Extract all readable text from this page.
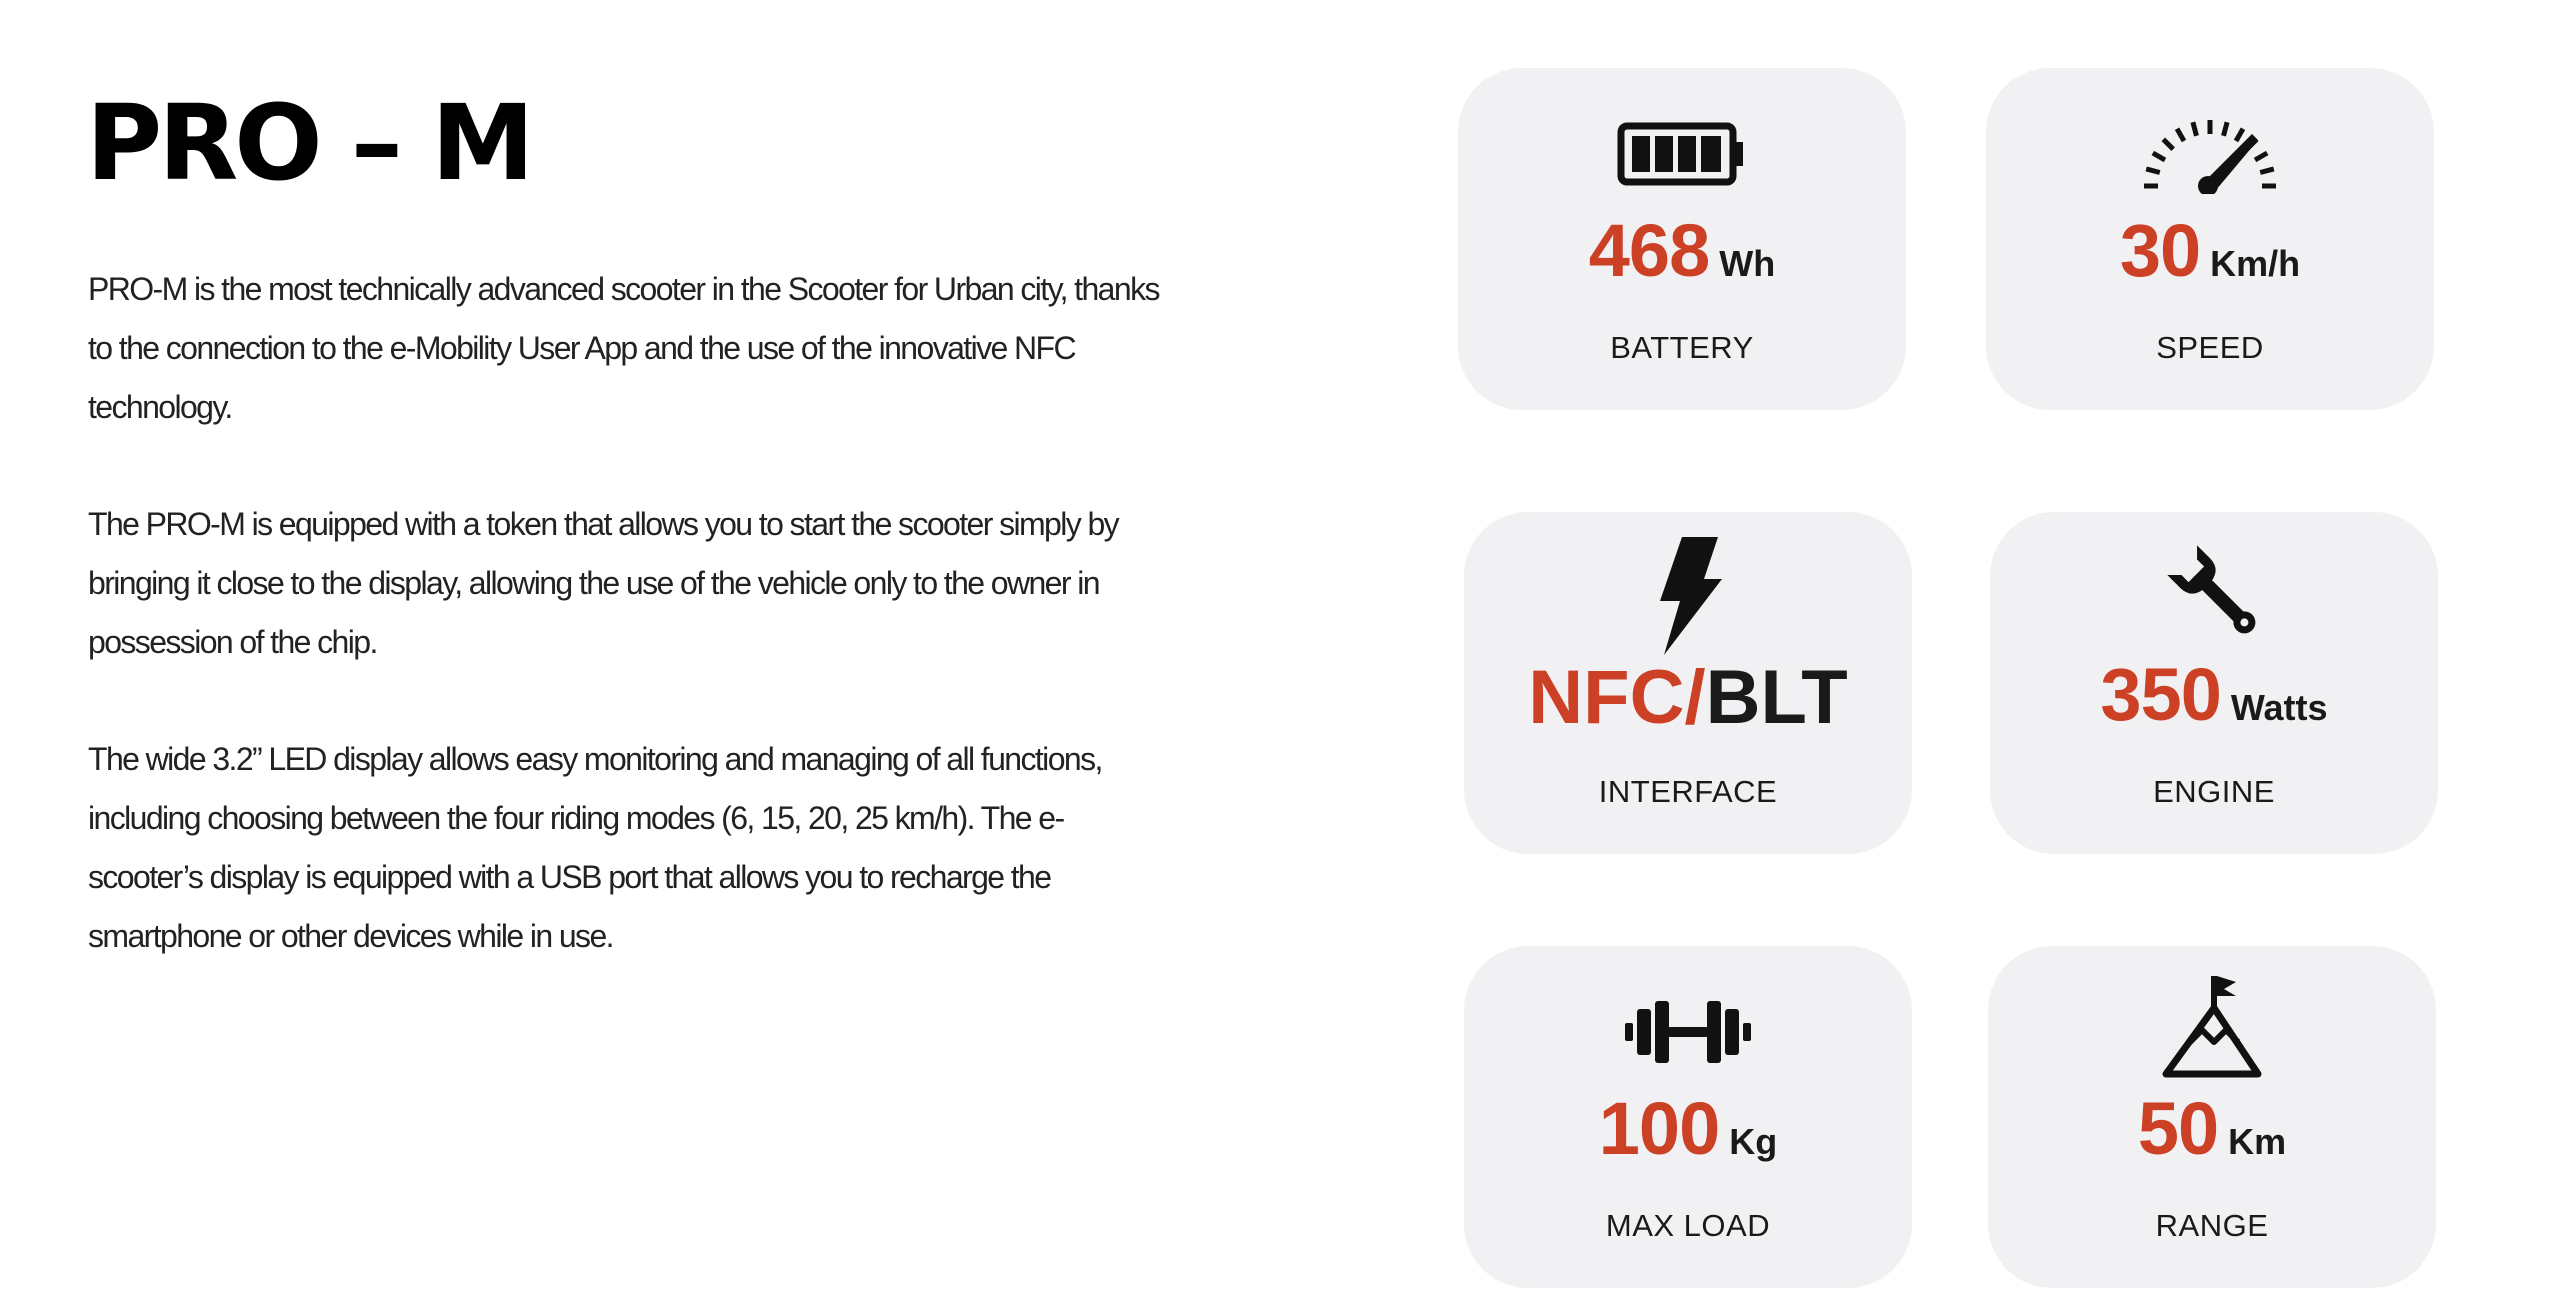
PRO – M

PRO-M is the most technically advanced scooter in the Scooter for Urban city, thanks to the connection to the e-Mobility User App and the use of the innovative NFC technology.

The PRO-M is equipped with a token that allows you to start the scooter simply by bringing it close to the display, allowing the use of the vehicle only to the owner in possession of the chip.

The wide 3.2” LED display allows easy monitoring and managing of all functions, including choosing between the four riding modes (6, 15, 20, 25 km/h). The e-scooter’s display is equipped with a USB port that allows you to recharge the smartphone or other devices while in use.

468 Wh
BATTERY
30 Km/h
SPEED
NFC/ BLT
INTERFACE
350 Watts
ENGINE
100 Kg
MAX LOAD
50 Km
RANGE
